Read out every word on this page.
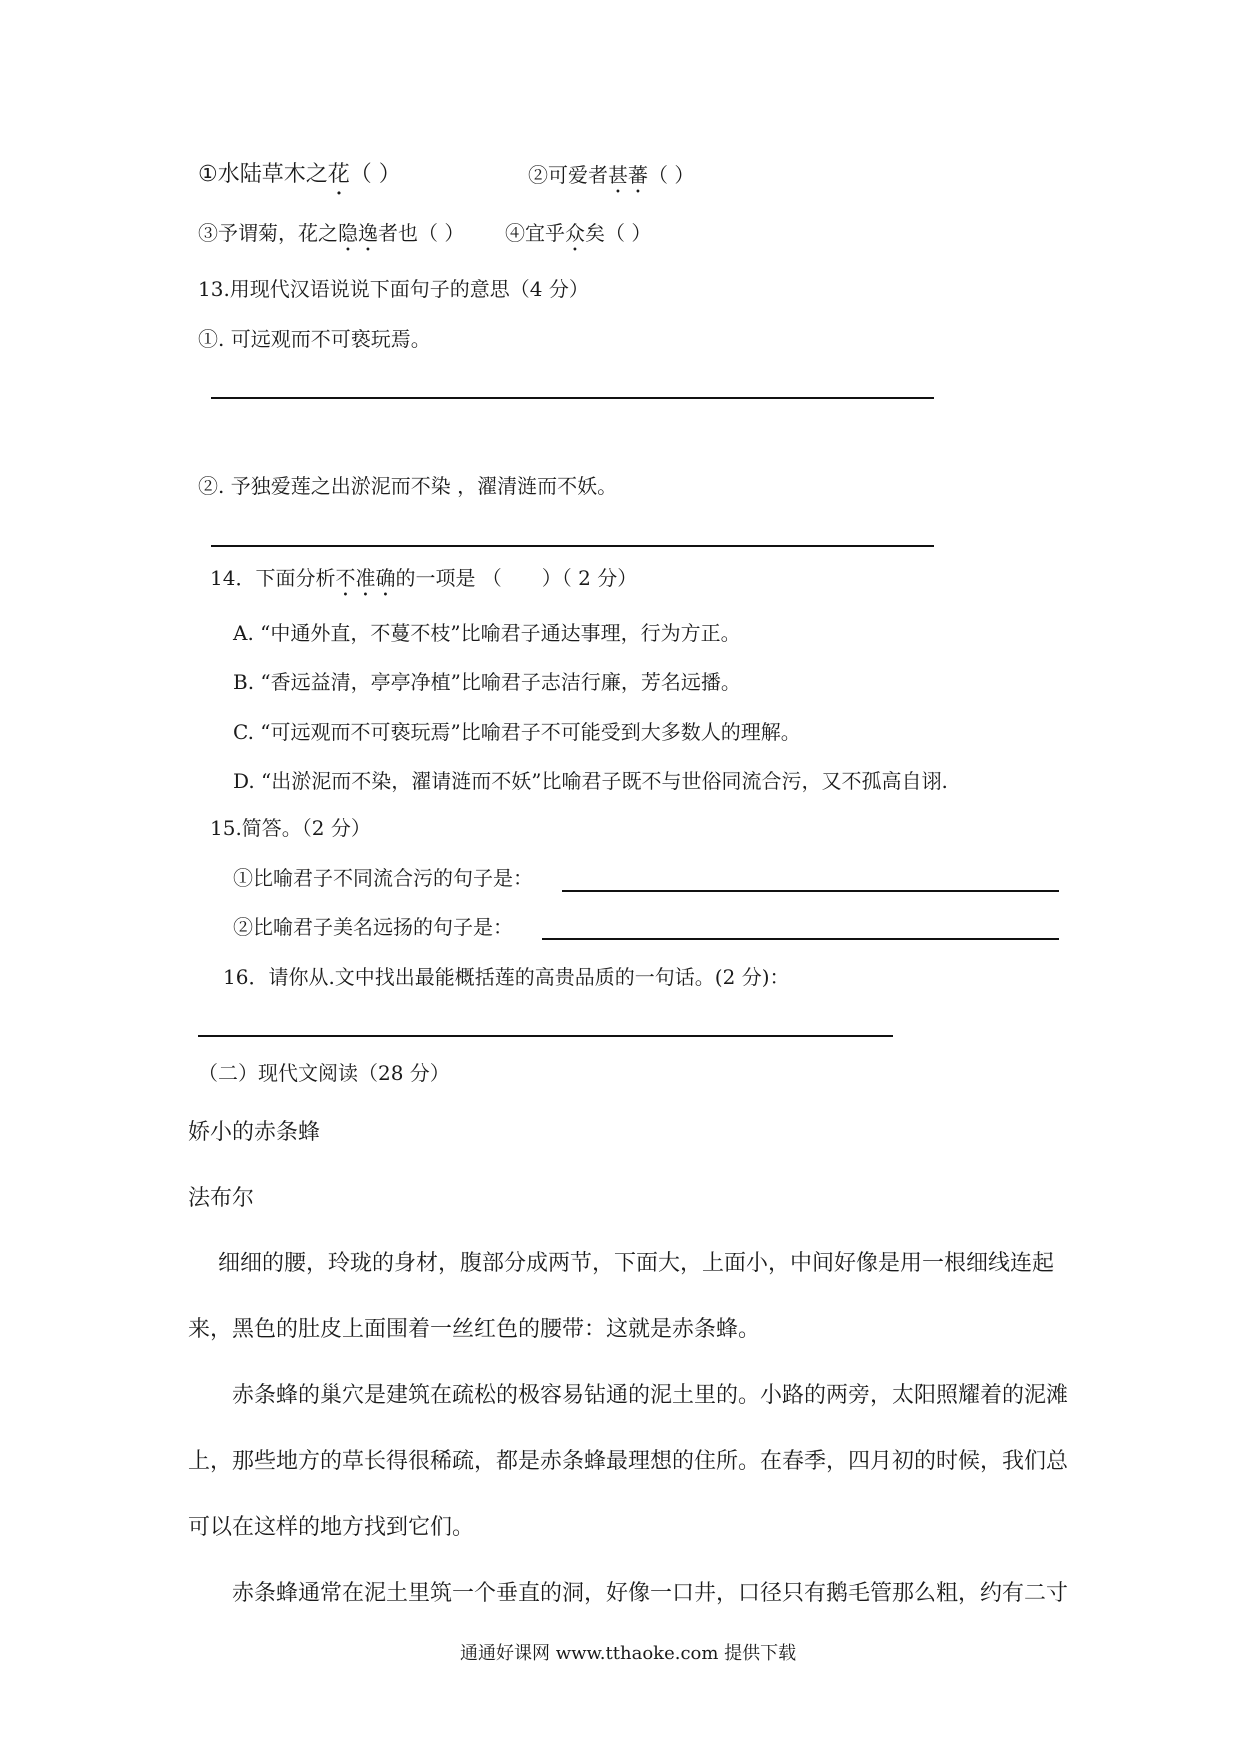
①水陆草木之花（ ）	②可爱者甚蕃（ ）
③予谓菊，花之隐逸者也（ ） ④宜乎众矣（ ）
13.用现代汉语说说下面句子的意思（4 分）
①. 可远观而不可亵玩焉。
②. 予独爱莲之出淤泥而不染 ，濯清涟而不妖。
14．下面分析不准确的一项是 （　　）（ 2 分）
A. “中通外直，不蔓不枝”比喻君子通达事理，行为方正。
B. “香远益清，亭亭净植”比喻君子志洁行廉，芳名远播。
C. “可远观而不可亵玩焉”比喻君子不可能受到大多数人的理解。
D. “出淤泥而不染，濯请涟而不妖”比喻君子既不与世俗同流合污，又不孤高自诩.
15.简答。（2 分）
①比喻君子不同流合污的句子是：
②比喻君子美名远扬的句子是：
16．请你从.文中找出最能概括莲的高贵品质的一句话。(2 分)：
（二）现代文阅读（28 分）
娇小的赤条蜂
法布尔
细细的腰，玲珑的身材，腹部分成两节，下面大，上面小，中间好像是用一根细线连起
来，黑色的肚皮上面围着一丝红色的腰带：这就是赤条蜂。
赤条蜂的巢穴是建筑在疏松的极容易钻通的泥土里的。小路的两旁，太阳照耀着的泥滩
上，那些地方的草长得很稀疏，都是赤条蜂最理想的住所。在春季，四月初的时候，我们总
可以在这样的地方找到它们。
赤条蜂通常在泥土里筑一个垂直的洞，好像一口井，口径只有鹅毛管那么粗，约有二寸
通通好课网 www.tthaoke.com 提供下载
